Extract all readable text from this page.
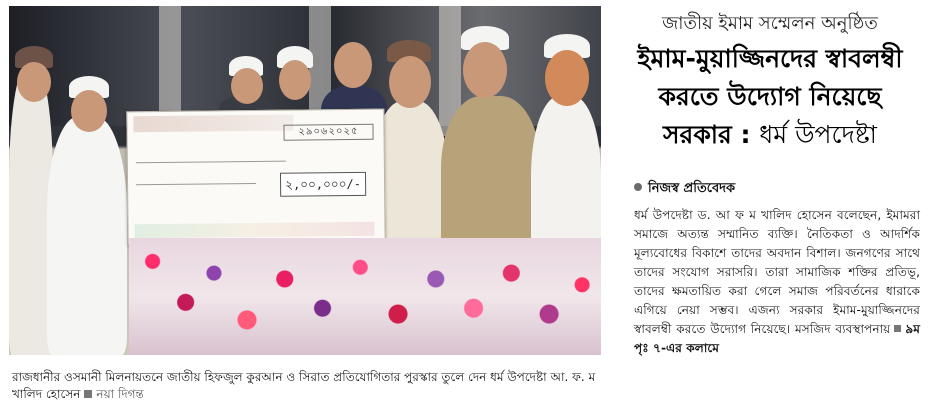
২৯০৬২০২৫
২,০০,০০০/-
রাজধানীর ওসমানী মিলনায়তনে জাতীয় হিফজুল কুরআন ও সিরাত প্রতিযোগিতার পুরস্কার তুলে দেন ধর্ম উপদেষ্টা আ. ফ. ম খালিদ হোসেন নয়া দিগন্ত
জাতীয় ইমাম সম্মেলন অনুষ্ঠিত
ইমাম-মুয়াজ্জিনদের স্বাবলম্বী
করতে উদ্যোগ নিয়েছে
সরকার : ধর্ম উপদেষ্টা
নিজস্ব প্রতিবেদক
ধর্ম উপদেষ্টা ড. আ ফ ম খালিদ হোসেন বলেছেন, ইমামরা সমাজে অত্যন্ত সম্মানিত ব্যক্তি। নৈতিকতা ও আদর্শিক মূল্যবোধের বিকাশে তাদের অবদান বিশাল। জনগণের সাথে তাদের সংযোগ সরাসরি। তারা সামাজিক শক্তির প্রতিভূ, তাদের ক্ষমতায়িত করা গেলে সমাজ পরিবর্তনের ধারাকে এগিয়ে নেয়া সম্ভব। এজন্য সরকার ইমাম-মুয়াজ্জিনদের স্বাবলম্বী করতে উদ্যোগ নিয়েছে। মসজিদ ব্যবস্থাপনায় ৯ম পৃঃ ৭-এর কলামে
